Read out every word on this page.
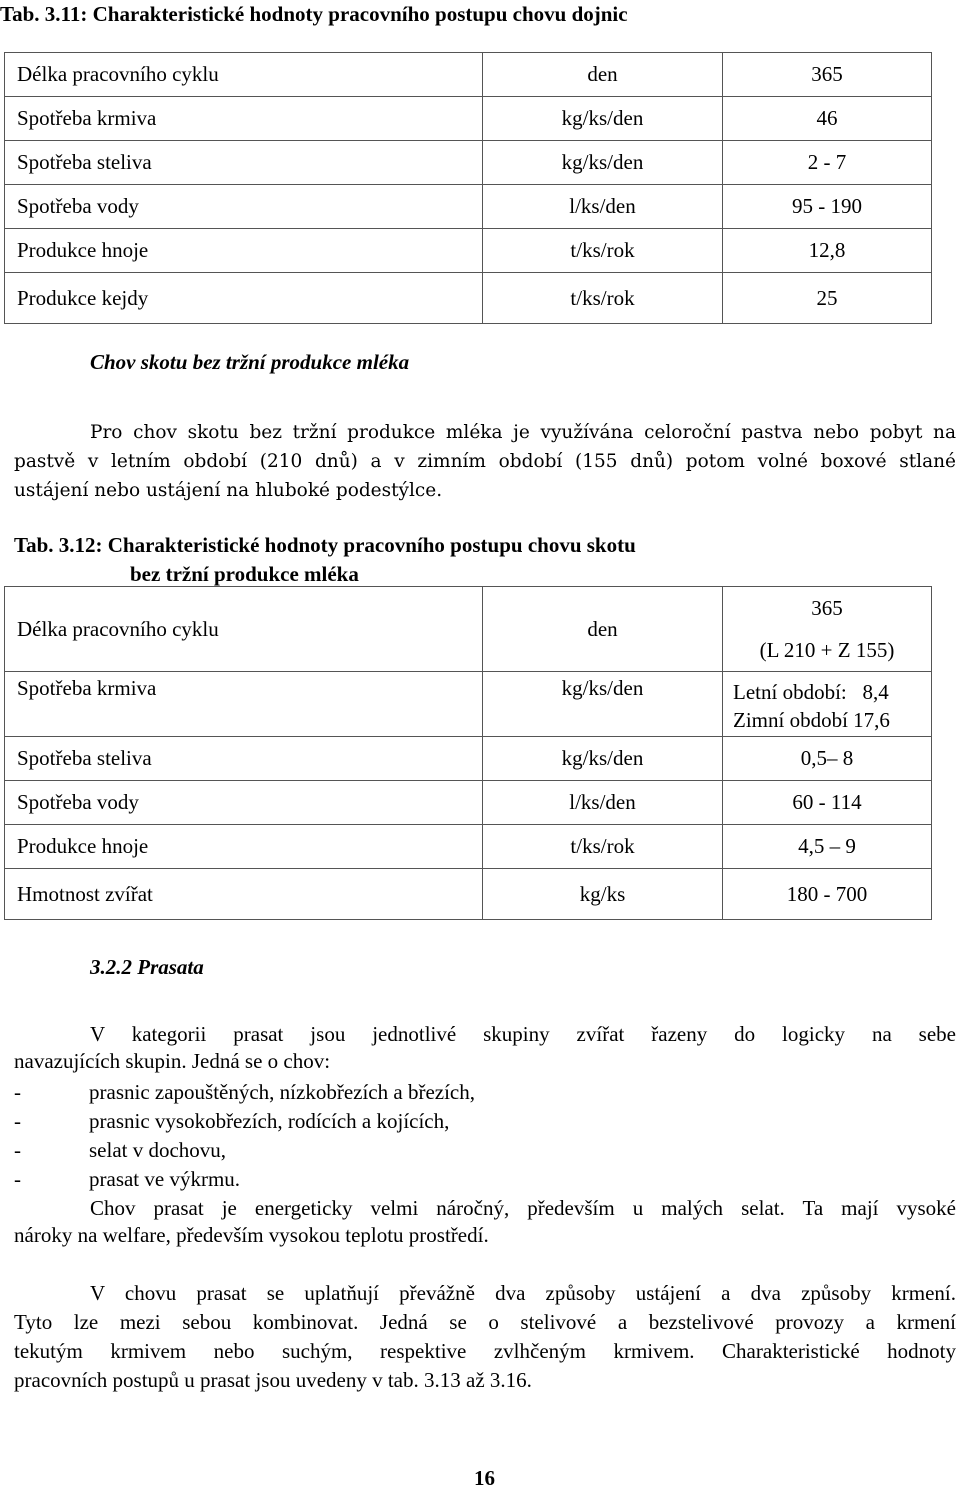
Tab. 3.11: Charakteristické hodnoty pracovního postupu chovu dojnic
Délka pracovního cyklu	den	365
Spotřeba krmiva	kg/ks/den	46
Spotřeba steliva	kg/ks/den	2 - 7
Spotřeba vody	l/ks/den	95 - 190
Produkce hnoje	t/ks/rok	12,8
Produkce kejdy	t/ks/rok	25
Chov skotu bez tržní produkce mléka
Pro chov skotu bez tržní produkce mléka je využívána celoroční pastva nebo pobyt na
pastvě v letním období (210 dnů) a v zimním období (155 dnů) potom volné boxové stlané
ustájení nebo ustájení na hluboké podestýlce.
Tab. 3.12: Charakteristické hodnoty pracovního postupu chovu skotu
bez tržní produkce mléka
Délka pracovního cyklu	den	365
(L 210 + Z 155)

Spotřeba krmiva	kg/ks/den	Letní období:   8,4
Zimní období 17,6

Spotřeba steliva	kg/ks/den	0,5– 8
Spotřeba vody	l/ks/den	60 - 114
Produkce hnoje	t/ks/rok	4,5 – 9
Hmotnost zvířat	kg/ks	180 - 700
3.2.2 Prasata
V kategorii prasat jsou jednotlivé skupiny zvířat řazeny do logicky na sebe
navazujících skupin. Jedná se o chov:
-	prasnic zapouštěných, nízkobřezích a březích,
-	prasnic vysokobřezích, rodících a kojících,
-	selat v dochovu,
-	prasat ve výkrmu.
Chov prasat je energeticky velmi náročný, především u malých selat. Ta mají vysoké
nároky na welfare, především vysokou teplotu prostředí.
V chovu prasat se uplatňují převážně dva způsoby ustájení a dva způsoby krmení.
Tyto lze mezi sebou kombinovat. Jedná se o stelivové a bezstelivové provozy a krmení
tekutým krmivem nebo suchým, respektive zvlhčeným krmivem. Charakteristické hodnoty
pracovních postupů u prasat jsou uvedeny v tab. 3.13 až 3.16.
16
